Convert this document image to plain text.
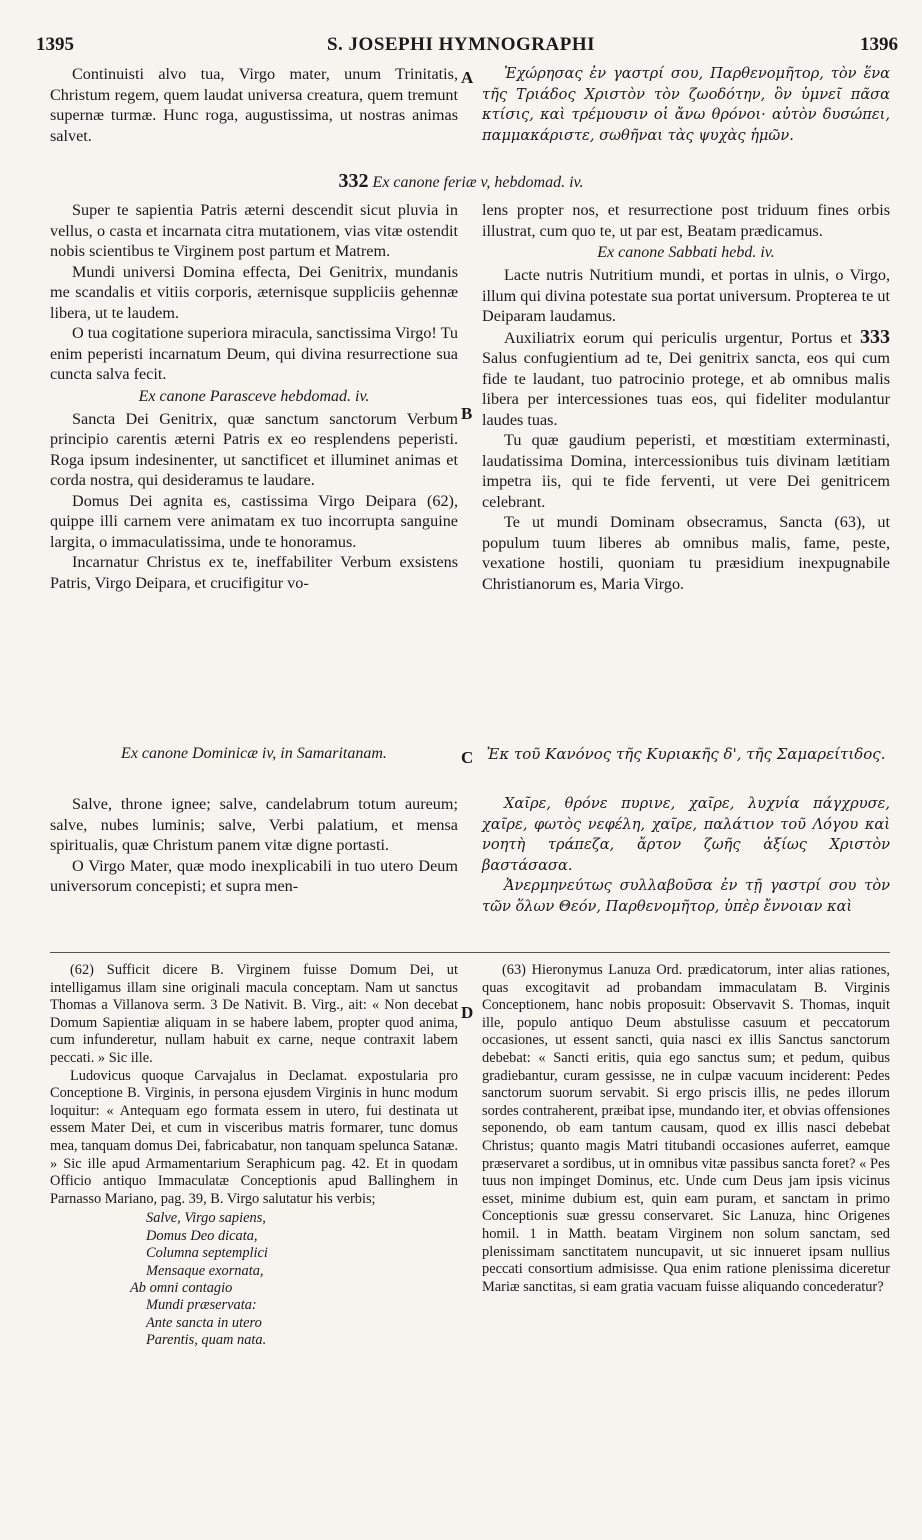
1395	S. JOSEPHI HYMNOGRAPHI	1396
A
B
C
D

Continuisti alvo tua, Virgo mater, unum Trinitatis, Christum regem, quem laudat universa creatura, quem tremunt supernæ turmæ. Hunc roga, augustissima, ut nostras animas salvet.

Ἐχώρησας ἐν γαστρί σου, Παρθενομῆτορ, τὸν ἕνα τῆς Τριάδος Χριστὸν τὸν ζωοδότην, ὃν ὑμνεῖ πᾶσα κτίσις, καὶ τρέμουσιν οἱ ἄνω θρόνοι· αὐτὸν δυσώπει, παμμακάριστε, σωθῆναι τὰς ψυχὰς ἡμῶν.

332 Ex canone feriæ v, hebdomad. iv.

Super te sapientia Patris æterni descendit sicut pluvia in vellus, o casta et incarnata citra mutationem, vias vitæ ostendit nobis scientibus te Virginem post partum et Matrem.

Mundi universi Domina effecta, Dei Genitrix, mundanis me scandalis et vitiis corporis, æternisque suppliciis gehennæ libera, ut te laudem.

O tua cogitatione superiora miracula, sanctissima Virgo! Tu enim peperisti incarnatum Deum, qui divina resurrectione sua cuncta salva fecit.

Ex canone Parasceve hebdomad. iv.

Sancta Dei Genitrix, quæ sanctum sanctorum Verbum principio carentis æterni Patris ex eo resplendens peperisti. Roga ipsum indesinenter, ut sanctificet et illuminet animas et corda nostra, qui desideramus te laudare.

Domus Dei agnita es, castissima Virgo Deipara (62), quippe illi carnem vere animatam ex tuo incorrupta sanguine largita, o immaculatissima, unde te honoramus.

Incarnatur Christus ex te, ineffabiliter Verbum exsistens Patris, Virgo Deipara, et crucifigitur vo-

lens propter nos, et resurrectione post triduum fines orbis illustrat, cum quo te, ut par est, Beatam prædicamus.

Ex canone Sabbati hebd. iv.

Lacte nutris Nutritium mundi, et portas in ulnis, o Virgo, illum qui divina potestate sua portat universum. Propterea te ut Deiparam laudamus.

Auxiliatrix eorum qui periculis urgentur, Portus et 333 Salus confugientium ad te, Dei genitrix sancta, eos qui cum fide te laudant, tuo patrocinio protege, et ab omnibus malis libera per intercessiones tuas eos, qui fideliter modulantur laudes tuas.

Tu quæ gaudium peperisti, et mœstitiam exterminasti, laudatissima Domina, intercessionibus tuis divinam lætitiam impetra iis, qui te fide ferventi, ut vere Dei genitricem celebrant.

Te ut mundi Dominam obsecramus, Sancta (63), ut populum tuum liberes ab omnibus malis, fame, peste, vexatione hostili, quoniam tu præsidium inexpugnabile Christianorum es, Maria Virgo.

Ex canone Dominicæ iv, in Samaritanam.	Ἐκ τοῦ Κανόνος τῆς Κυριακῆς δ', τῆς Σαμαρείτιδος.

Salve, throne ignee; salve, candelabrum totum aureum; salve, nubes luminis; salve, Verbi palatium, et mensa spiritualis, quæ Christum panem vitæ digne portasti.

O Virgo Mater, quæ modo inexplicabili in tuo utero Deum universorum concepisti; et supra men-

Χαῖρε, θρόνε πυρινε, χαῖρε, λυχνία πάγχρυσε, χαῖρε, φωτὸς νεφέλη, χαῖρε, παλάτιον τοῦ Λόγου καὶ νοητὴ τράπεζα, ἄρτον ζωῆς ἀξίως Χριστὸν βαστάσασα.

Ἀνερμηνεύτως συλλαβοῦσα ἐν τῇ γαστρί σου τὸν τῶν ὅλων Θεόν, Παρθενομῆτορ, ὑπὲρ ἔννοιαν καὶ

(62) Sufficit dicere B. Virginem fuisse Domum Dei, ut intelligamus illam sine originali macula conceptam. Nam ut sanctus Thomas a Villanova serm. 3 De Nativit. B. Virg., ait: « Non decebat Domum Sapientiæ aliquam in se habere labem, propter quod anima, cum infunderetur, nullam habuit ex carne, neque contraxit labem peccati. » Sic ille.

Ludovicus quoque Carvajalus in Declamat. expostularia pro Conceptione B. Virginis, in persona ejusdem Virginis in hunc modum loquitur: « Antequam ego formata essem in utero, fui destinata ut essem Mater Dei, et cum in visceribus matris formarer, tunc domus mea, tanquam domus Dei, fabricabatur, non tanquam spelunca Satanæ. » Sic ille apud Armamentarium Seraphicum pag. 42. Et in quodam Officio antiquo Immaculatæ Conceptionis apud Ballinghem in Parnasso Mariano, pag. 39, B. Virgo salutatur his verbis;

Salve, Virgo sapiens,
Domus Deo dicata,
Columna septemplici
Mensaque exornata,
Ab omni contagio
Mundi præservata:
Ante sancta in utero
Parentis, quam nata.

(63) Hieronymus Lanuza Ord. prædicatorum, inter alias rationes, quas excogitavit ad probandam immaculatam B. Virginis Conceptionem, hanc nobis proposuit: Observavit S. Thomas, inquit ille, populo antiquo Deum abstulisse casuum et peccatorum occasiones, ut essent sancti, quia nasci ex illis Sanctus sanctorum debebat: « Sancti eritis, quia ego sanctus sum; et pedum, quibus gradiebantur, curam gessisse, ne in culpæ vacuum inciderent: Pedes sanctorum suorum servabit. Si ergo priscis illis, ne pedes illorum sordes contraherent, præibat ipse, mundando iter, et obvias offensiones seponendo, ob eam tantum causam, quod ex illis nasci debebat Christus; quanto magis Matri titubandi occasiones auferret, eamque præservaret a sordibus, ut in omnibus vitæ passibus sancta foret? « Pes tuus non impinget Dominus, etc. Unde cum Deus jam ipsis vicinus esset, minime dubium est, quin eam puram, et sanctam in primo Conceptionis suæ gressu conservaret. Sic Lanuza, hinc Origenes homil. 1 in Matth. beatam Virginem non solum sanctam, sed plenissimam sanctitatem nuncupavit, ut sic innueret ipsam nullius peccati consortium admisisse. Qua enim ratione plenissima diceretur Mariæ sanctitas, si eam gratia vacuam fuisse aliquando concederatur?
